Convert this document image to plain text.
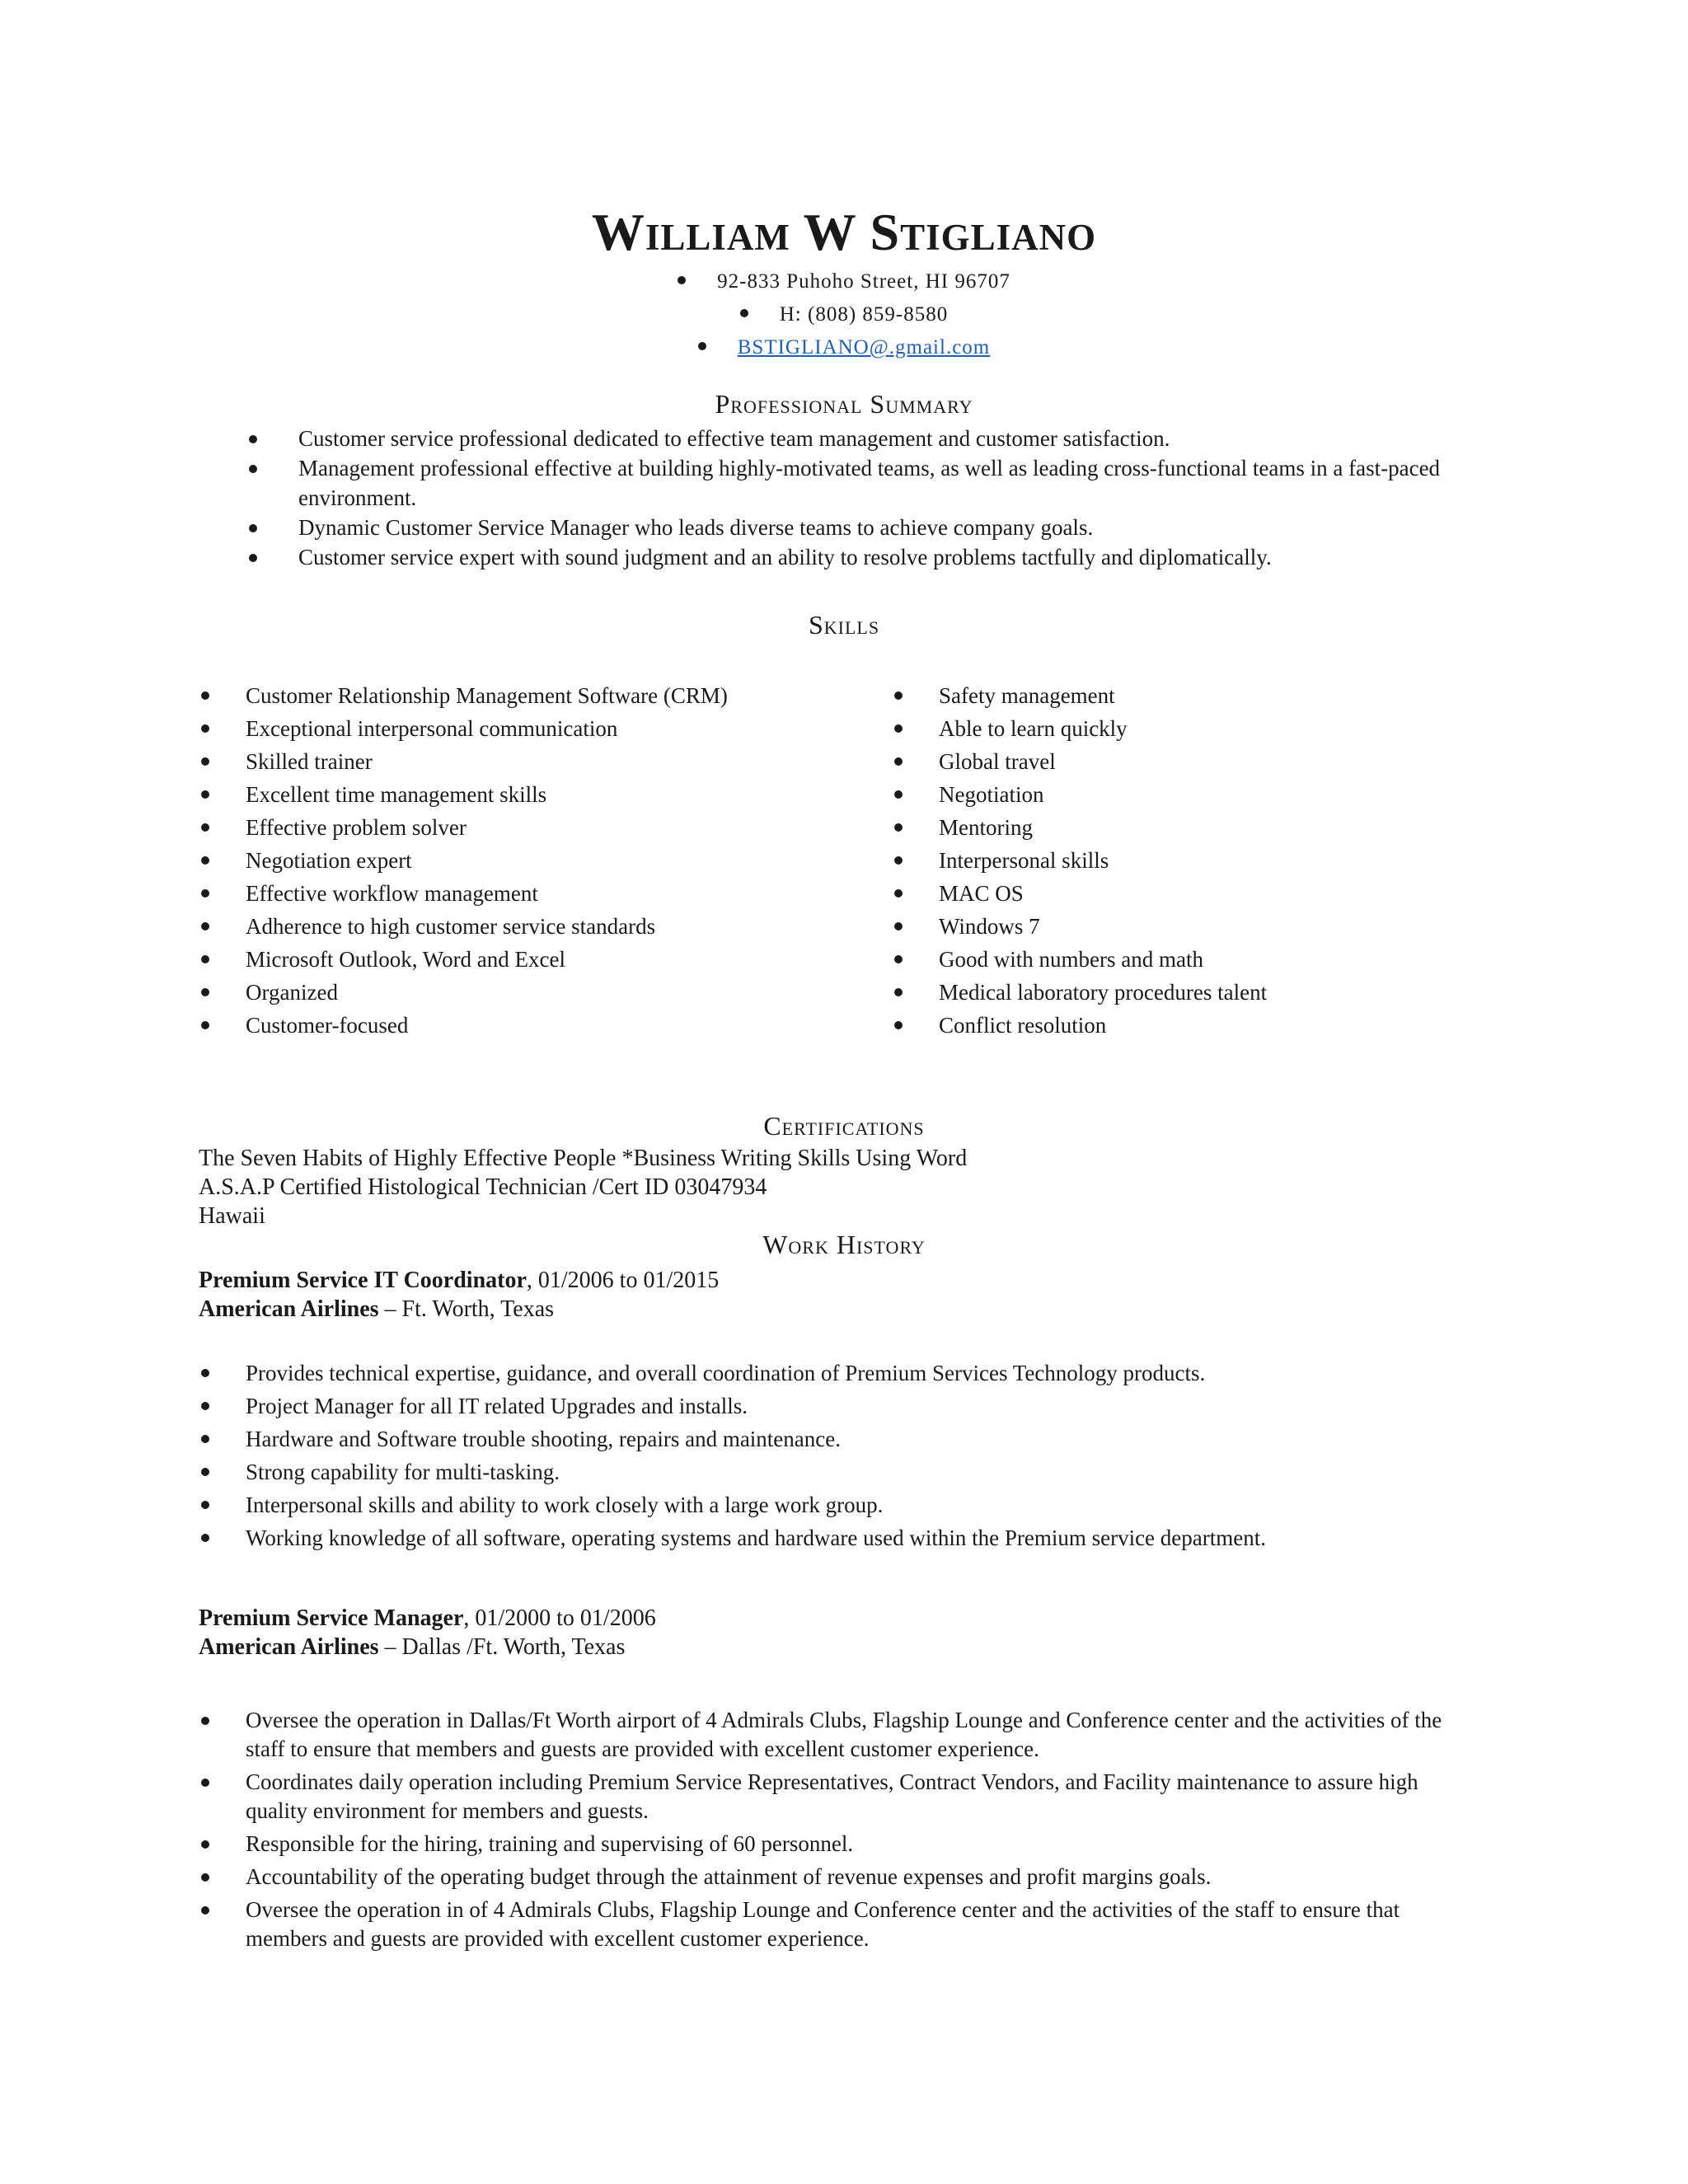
William W Stigliano
92-833 Puhoho Street, HI 96707
H: (808) 859-8580
BSTIGLIANO@.gmail.com
Professional Summary
Customer service professional dedicated to effective team management and customer satisfaction.
Management professional effective at building highly-motivated teams, as well as leading cross-functional teams in a fast-paced environment.
Dynamic Customer Service Manager who leads diverse teams to achieve company goals.
Customer service expert with sound judgment and an ability to resolve problems tactfully and diplomatically.
Skills
Customer Relationship Management Software (CRM)
Exceptional interpersonal communication
Skilled trainer
Excellent time management skills
Effective problem solver
Negotiation expert
Effective workflow management
Adherence to high customer service standards
Microsoft Outlook, Word and Excel
Organized
Customer-focused
Safety management
Able to learn quickly
Global travel
Negotiation
Mentoring
Interpersonal skills
MAC OS
Windows 7
Good with numbers and math
Medical laboratory procedures talent
Conflict resolution
Certifications
The Seven Habits of Highly Effective People *Business Writing Skills Using Word
A.S.A.P Certified Histological Technician /Cert ID 03047934
Hawaii
Work History
Premium Service IT Coordinator, 01/2006 to 01/2015
American Airlines – Ft. Worth, Texas
Provides technical expertise, guidance, and overall coordination of Premium Services Technology products.
Project Manager for all IT related Upgrades and installs.
Hardware and Software trouble shooting, repairs and maintenance.
Strong capability for multi-tasking.
Interpersonal skills and ability to work closely with a large work group.
Working knowledge of all software, operating systems and hardware used within the Premium service department.
Premium Service Manager, 01/2000 to 01/2006
American Airlines – Dallas /Ft. Worth, Texas
Oversee the operation in Dallas/Ft Worth airport of 4 Admirals Clubs, Flagship Lounge and Conference center and the activities of the staff to ensure that members and guests are provided with excellent customer experience.
Coordinates daily operation including Premium Service Representatives, Contract Vendors, and Facility maintenance to assure high quality environment for members and guests.
Responsible for the hiring, training and supervising of 60 personnel.
Accountability of the operating budget through the attainment of revenue expenses and profit margins goals.
Oversee the operation in of 4 Admirals Clubs, Flagship Lounge and Conference center and the activities of the staff to ensure that members and guests are provided with excellent customer experience.
